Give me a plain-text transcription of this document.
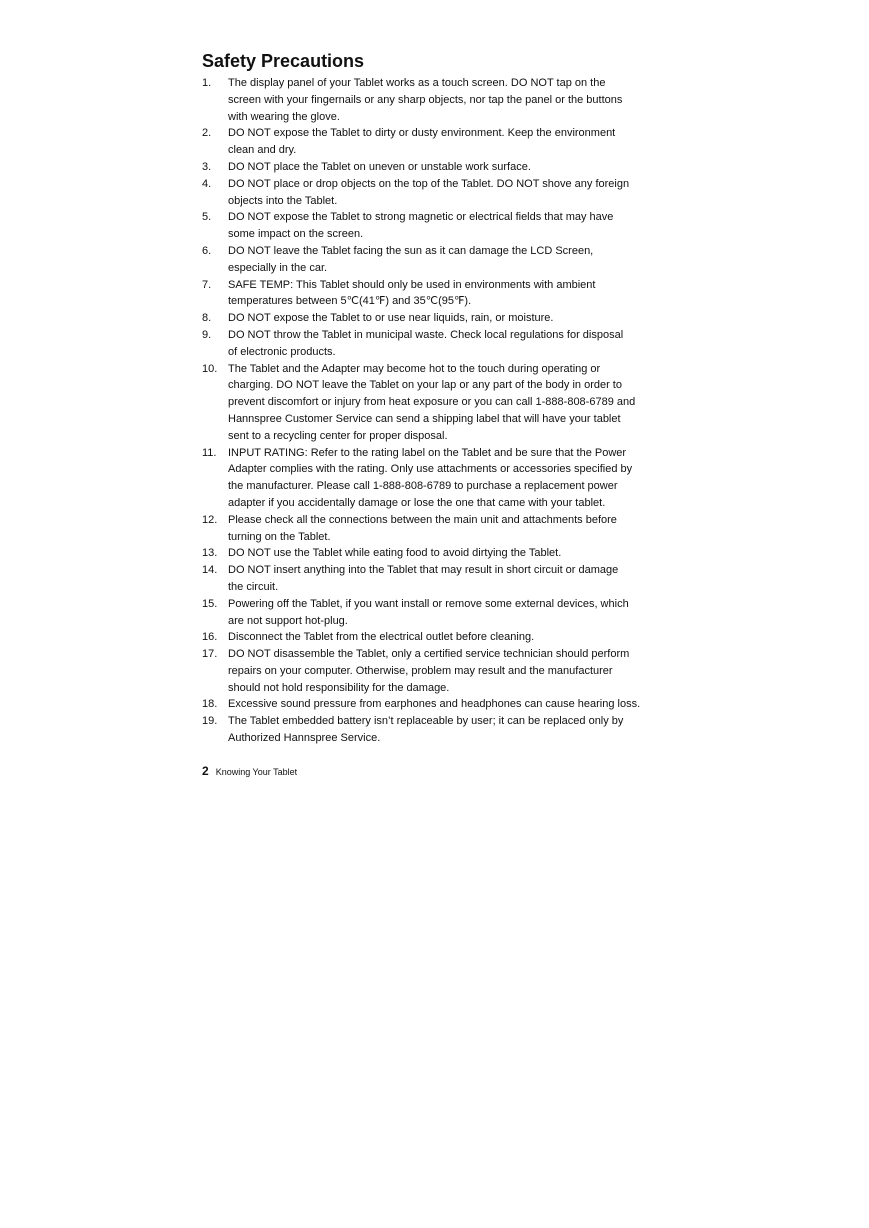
Safety Precautions
1.	The display panel of your Tablet works as a touch screen. DO NOT tap on the
screen with your fingernails or any sharp objects, nor tap the panel or the buttons
with wearing the glove.
2.	DO NOT expose the Tablet to dirty or dusty environment. Keep the environment
clean and dry.
3.	DO NOT place the Tablet on uneven or unstable work surface.
4.	DO NOT place or drop objects on the top of the Tablet. DO NOT shove any foreign
objects into the Tablet.
5.	DO NOT expose the Tablet to strong magnetic or electrical fields that may have
some impact on the screen.
6.	DO NOT leave the Tablet facing the sun as it can damage the LCD Screen,
especially in the car.
7.	SAFE TEMP: This Tablet should only be used in environments with ambient
temperatures between 5℃(41℉) and 35℃(95℉).
8.	DO NOT expose the Tablet to or use near liquids, rain, or moisture.
9.	DO NOT throw the Tablet in municipal waste. Check local regulations for disposal
of electronic products.
10. The Tablet and the Adapter may become hot to the touch during operating or
charging. DO NOT leave the Tablet on your lap or any part of the body in order to
prevent discomfort or injury from heat exposure or you can call 1-888-808-6789 and
Hannspree Customer Service can send a shipping label that will have your tablet
sent to a recycling center for proper disposal.
11.	INPUT RATING: Refer to the rating label on the Tablet and be sure that the Power
Adapter complies with the rating. Only use attachments or accessories specified by
the manufacturer. Please call 1-888-808-6789 to purchase a replacement power
adapter if you accidentally damage or lose the one that came with your tablet.
12. Please check all the connections between the main unit and attachments before
turning on the Tablet.
13. DO NOT use the Tablet while eating food to avoid dirtying the Tablet.
14. DO NOT insert anything into the Tablet that may result in short circuit or damage
the circuit.
15. Powering off the Tablet, if you want install or remove some external devices, which
are not support hot-plug.
16. Disconnect the Tablet from the electrical outlet before cleaning.
17. DO NOT disassemble the Tablet, only a certified service technician should perform
repairs on your computer. Otherwise, problem may result and the manufacturer
should not hold responsibility for the damage.
18. Excessive sound pressure from earphones and headphones can cause hearing loss.
19. The Tablet embedded battery isn’t replaceable by user; it can be replaced only by
Authorized Hannspree Service.
2 Knowing Your Tablet
